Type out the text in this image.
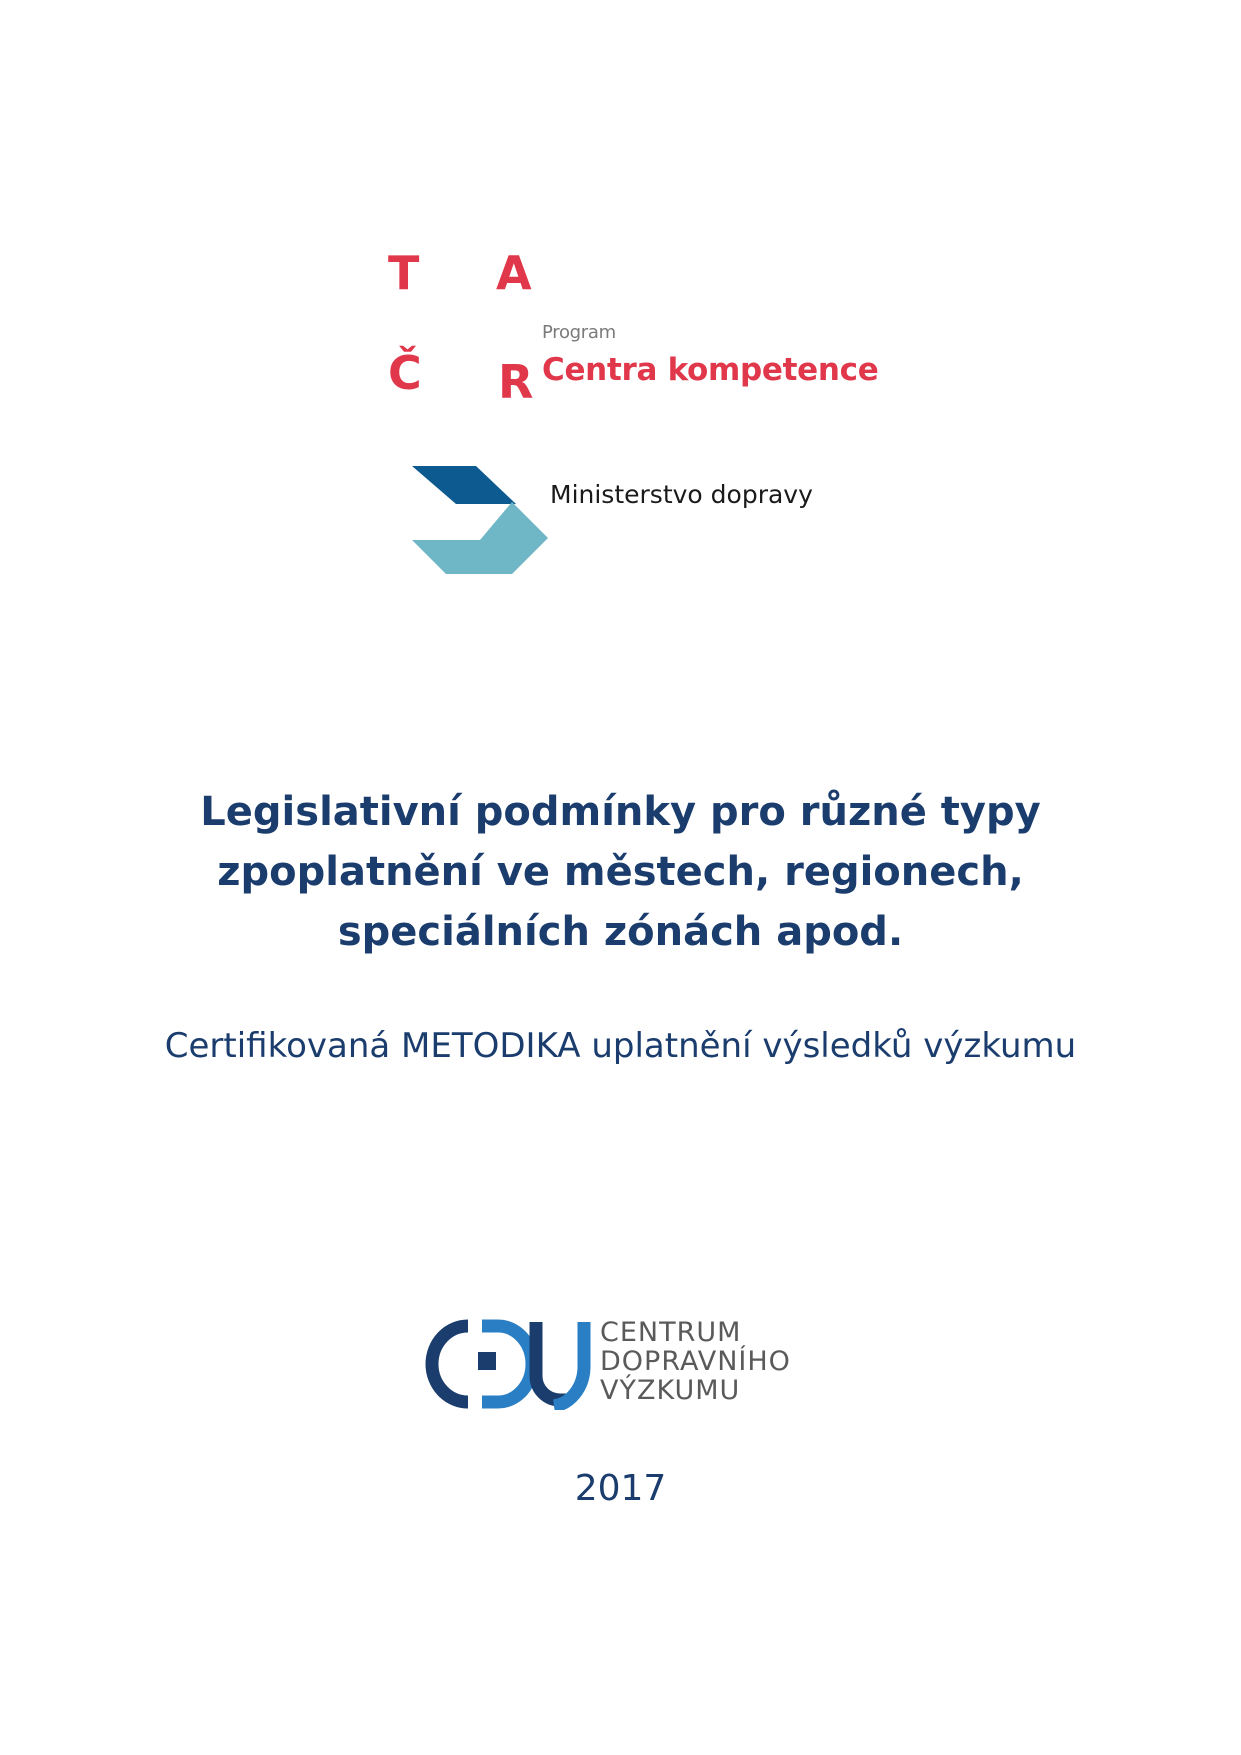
T A
Č R
Program
Centra kompetence
Ministerstvo dopravy
Legislativní podmínky pro různé typy
zpoplatnění ve městech, regionech,
speciálních zónách apod.

Certifikovaná METODIKA uplatnění výsledků výzkumu

CENTRUM
DOPRAVNÍHO
VÝZKUMU
2017
